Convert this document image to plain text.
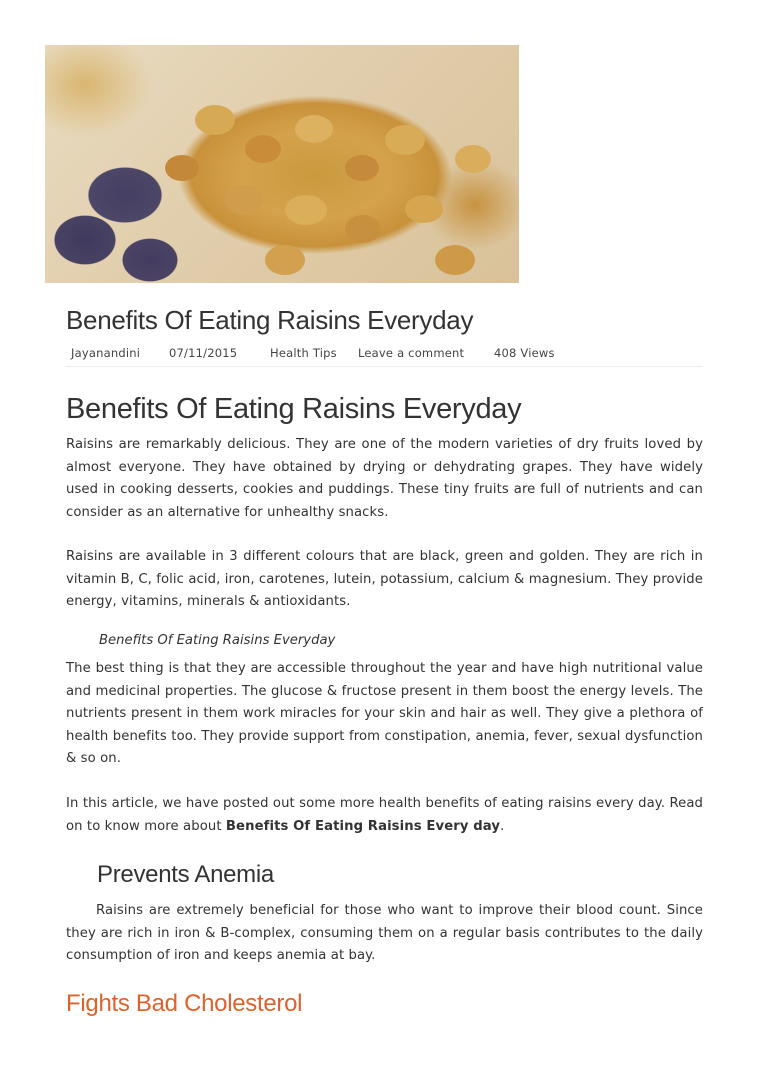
Benefits Of Eating Raisins Everyday
Jayanandini	07/11/2015	Health Tips Leave a comment	408 Views
Benefits Of Eating Raisins Everyday

Raisins are remarkably delicious. They are one of the modern varieties of dry fruits loved by almost everyone. They have obtained by drying or dehydrating grapes. They have widely used in cooking desserts, cookies and puddings. These tiny fruits are full of nutrients and can consider as an alternative for unhealthy snacks.

Raisins are available in 3 different colours that are black, green and golden. They are rich in vitamin B, C, folic acid, iron, carotenes, lutein, potassium, calcium & magnesium. They provide energy, vitamins, minerals & antioxidants.

Benefits Of Eating Raisins Everyday

The best thing is that they are accessible throughout the year and have high nutritional value and medicinal properties. The glucose & fructose present in them boost the energy levels. The nutrients present in them work miracles for your skin and hair as well. They give a plethora of health benefits too. They provide support from constipation, anemia, fever, sexual dysfunction & so on.

In this article, we have posted out some more health benefits of eating raisins every day. Read on to know more about Benefits Of Eating Raisins Every day.

Prevents Anemia

Raisins are extremely beneficial for those who want to improve their blood count. Since they are rich in iron & B-complex, consuming them on a regular basis contributes to the daily consumption of iron and keeps anemia at bay.

Fights Bad Cholesterol
